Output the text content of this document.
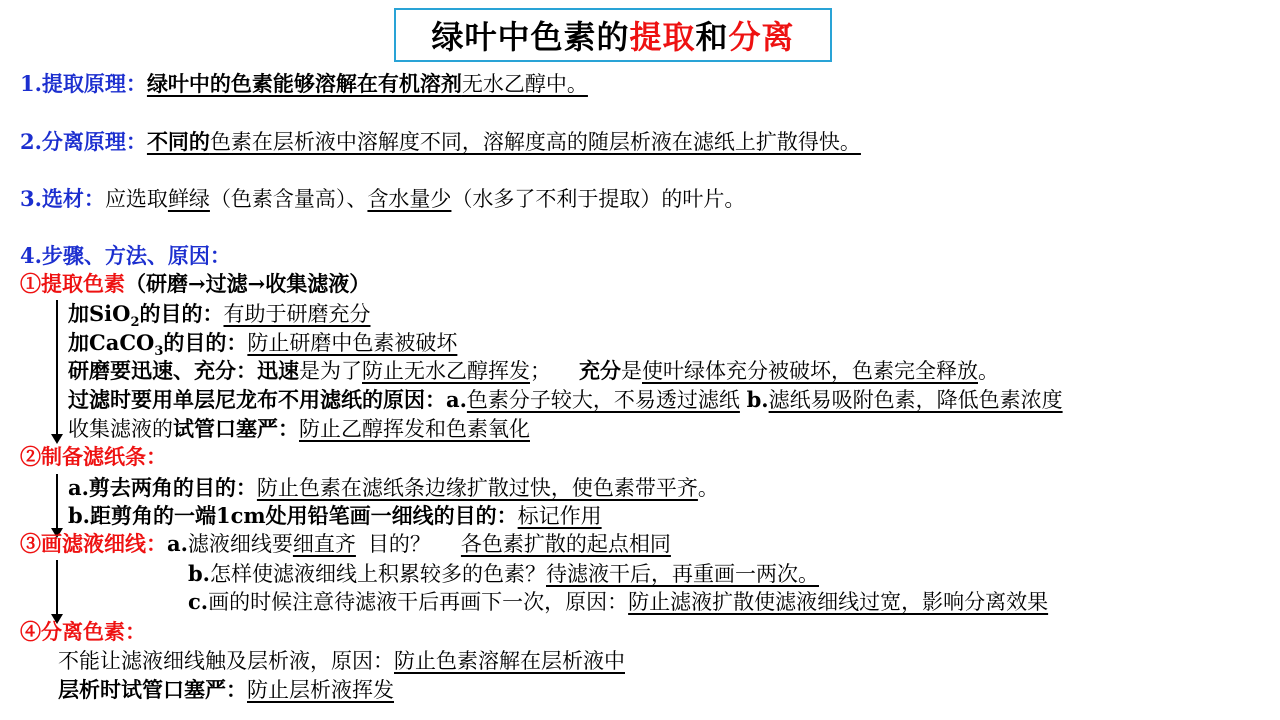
绿叶中色素的 提取 和 分离
1.提取原理：绿叶中的色素能够溶解在有机溶剂无水乙醇中。
2.分离原理：不同的色素在层析液中溶解度不同，溶解度高的随层析液在滤纸上扩散得快。
3.选材：应选取鲜绿（色素含量高）、含水量少（水多了不利于提取）的叶片。
4.步骤、方法、原因：
①提取色素（研磨→过滤→收集滤液）
加SiO$_2$的目的：有助于研磨充分
加CaCO$_3$的目的：防止研磨中色素被破坏
研磨要迅速、充分：迅速是为了防止无水乙醇挥发； 充分是使叶绿体充分被破坏，色素完全释放。
过滤时要用单层尼龙布不用滤纸的原因：a.色素分子较大，不易透过滤纸 b.滤纸易吸附色素，降低色素浓度
收集滤液的试管口塞严：防止乙醇挥发和色素氧化
②制备滤纸条：
a.剪去两角的目的：防止色素在滤纸条边缘扩散过快，使色素带平齐。
b.距剪角的一端1cm处用铅笔画一细线的目的：标记作用
③画滤液细线：a.滤液细线要细直齐 目的？ 各色素扩散的起点相同
b.怎样使滤液细线上积累较多的色素？待滤液干后，再重画一两次。
c.画的时候注意待滤液干后再画下一次，原因：防止滤液扩散使滤液细线过宽，影响分离效果
④分离色素：
不能让滤液细线触及层析液，原因：防止色素溶解在层析液中
层析时试管口塞严：防止层析液挥发
